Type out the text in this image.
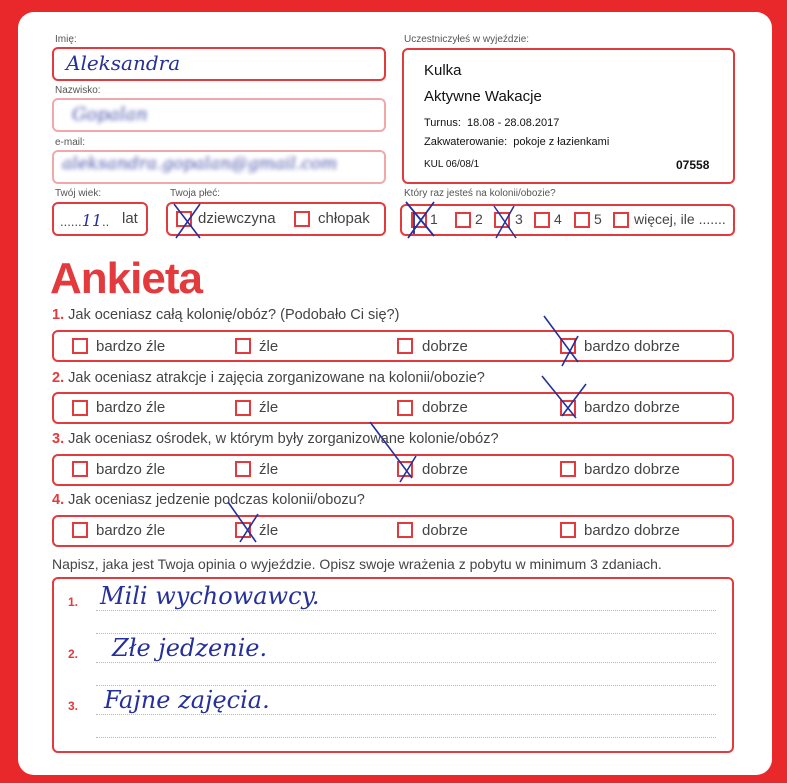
Imię:
Aleksandra
Nazwisko:
Gopalan
e-mail:
aleksandra.gopalan@gmail.com
Twój wiek:
......11.. lat
Twoja płeć:
dziewczyna	chłopak
Uczestniczyłeś w wyjeździe:
Kulka
Aktywne Wakacje
Turnus: 18.08 - 28.08.2017
Zakwaterowanie: pokoje z łazienkami
KUL 06/08/1	07558
Który raz jesteś na kolonii/obozie?
1	2 3 4 5 więcej, ile .......
Ankieta
1. Jak oceniasz całą kolonię/obóz? (Podobało Ci się?)
bardzo źle	źle	dobrze	bardzo dobrze
2. Jak oceniasz atrakcje i zajęcia zorganizowane na kolonii/obozie?
bardzo źle	źle	dobrze	bardzo dobrze
3. Jak oceniasz ośrodek, w którym były zorganizowane kolonie/obóz?
bardzo źle	źle	dobrze	bardzo dobrze
4. Jak oceniasz jedzenie podczas kolonii/obozu?
bardzo źle	źle	dobrze	bardzo dobrze
Napisz, jaka jest Twoja opinia o wyjeździe. Opisz swoje wrażenia z pobytu w minimum 3 zdaniach.
1. Mili wychowawcy.
2. Złe jedzenie.
3. Fajne zajęcia.
